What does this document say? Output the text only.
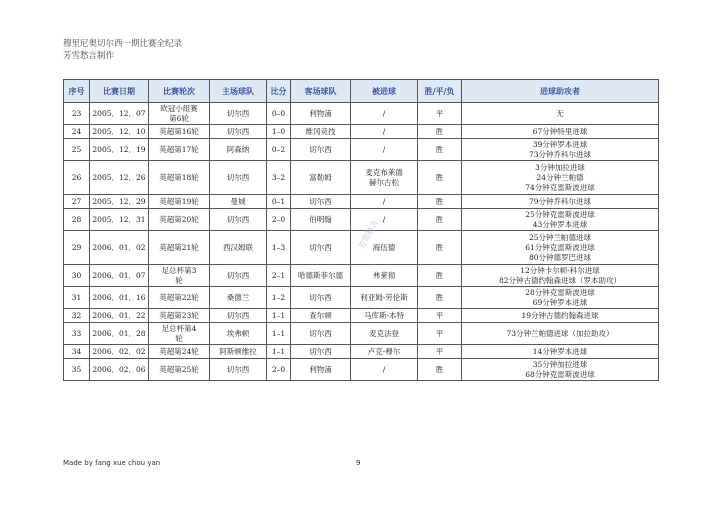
穆里尼奥切尔西一期比赛全纪录
芳雪愁言制作
序号	比赛日期	比赛轮次	主场球队	比分	客场球队	被进球	胜/平/负	进球助攻者
23	2005．12．07	欧冠小组赛
第6轮	切尔西	0–0	利物浦	/	平	无

24	2005．12．10	英超第16轮	切尔西	1–0	维冈竞技	/	胜	67分钟特里进球

25	2005．12．19	英超第17轮	阿森纳	0–2	切尔西	/	胜	39分钟罗本进球
73分钟乔科尔进球

26	2005．12．26	英超第18轮	切尔西	3–2	富勒姆	麦克布莱德
赫尔古松	胜	3分钟加拉进球
24分钟兰帕德
74分钟克雷斯波进球

27	2005．12．29	英超第19轮	曼城	0–1	切尔西	/	胜	79分钟乔科尔进球

28	2005．12．31	英超第20轮	切尔西	2–0	伯明翰	/	胜	25分钟克雷斯波进球
43分钟罗本进球

29	2006．01．02	英超第21轮	西汉姆联	1–3	切尔西	海伍德	胜	25分钟兰帕德进球
61分钟克雷斯波进球
80分钟德罗巴进球

30	2006．01．07	足总杯第3
轮	切尔西	2–1	哈德斯菲尔德	弗莱彻	胜	12分钟卡尔顿-科尔进球
82分钟古德约翰森进球（罗本助攻）

31	2006．01．16	英超第22轮	桑德兰	1–2	切尔西	利亚姆-劳伦斯	胜	28分钟克雷斯波进球
69分钟罗本进球

32	2006．01．22	英超第23轮	切尔西	1–1	查尔顿	马库斯-本特	平	19分钟古德约翰森进球

33	2006．01．28	足总杯第4
轮	埃弗顿	1–1	切尔西	麦克法登	平	73分钟兰帕德进球（加拉助攻）

34	2006．02．02	英超第24轮	阿斯顿维拉	1–1	切尔西	卢克-穆尔	平	14分钟罗本进球

35	2006．02．06	英超第25轮	切尔西	2–0	利物浦	/	胜	35分钟加拉进球
68分钟克雷斯波进球
芳雪愁言
Made by fang xue chou yan	9
